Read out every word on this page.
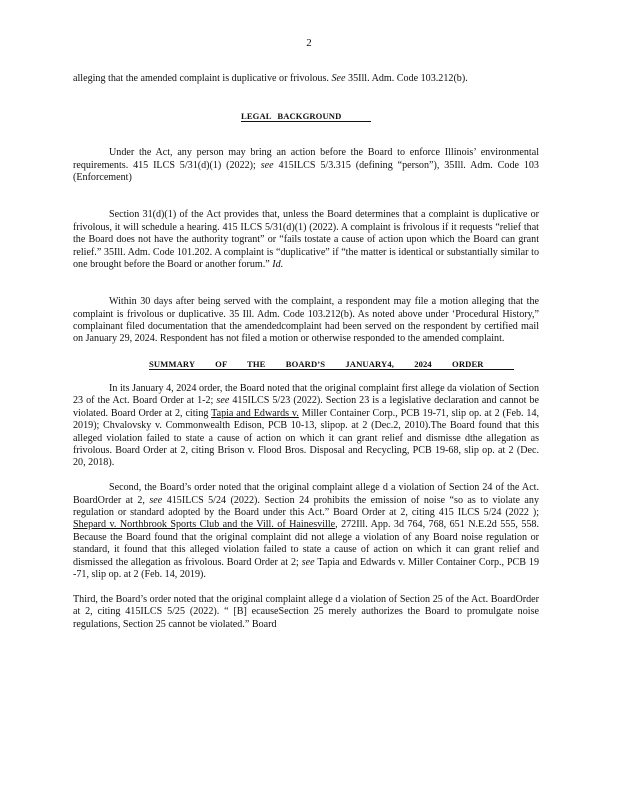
2

alleging that the amended complaint is duplicative or frivolous. See 35Ill. Adm. Code 103.212(b).

LEGAL BACKGROUND

Under the Act, any person may bring an action before the Board to enforce Illinois’ environmental requirements. 415 ILCS 5/31(d)(1) (2022); see 415ILCS 5/3.315 (defining “person”), 35Ill. Adm. Code 103 (Enforcement)

Section 31(d)(1) of the Act provides that, unless the Board determines that a complaint is duplicative or frivolous, it will schedule a hearing. 415 ILCS 5/31(d)(1) (2022). A complaint is frivolous if it requests “relief that the Board does not have the authority togrant” or “fails tostate a cause of action upon which the Board can grant relief.” 35Ill. Adm. Code 101.202. A complaint is “duplicative” if “the matter is identical or substantially similar to one brought before the Board or another forum.” Id.

Within 30 days after being served with the complaint, a respondent may file a motion alleging that the complaint is frivolous or duplicative. 35 Ill. Adm. Code 103.212(b). As noted above under ‘Procedural History,” complainant filed documentation that the amendedcomplaint had been served on the respondent by certified mail on January 29, 2024. Respondent has not filed a motion or otherwise responded to the amended complaint.

SUMMARY OF THE BOARD’S JANUARY4, 2024 ORDER

In its January 4, 2024 order, the Board noted that the original complaint first allege da violation of Section 23 of the Act. Board Order at 1-2; see 415ILCS 5/23 (2022). Section 23 is a legislative declaration and cannot be violated. Board Order at 2, citing Tapia and Edwards v. Miller Container Corp., PCB 19-71, slip op. at 2 (Feb. 14, 2019); Chvalovsky v. Commonwealth Edison, PCB 10-13, slipop. at 2 (Dec.2, 2010).The Board found that this alleged violation failed to state a cause of action on which it can grant relief and dismisse dthe allegation as frivolous. Board Order at 2, citing Brison v. Flood Bros. Disposal and Recycling, PCB 19-68, slip op. at 2 (Dec. 20, 2018).

Second, the Board’s order noted that the original complaint allege d a violation of Section 24 of the Act. BoardOrder at 2, see 415ILCS 5/24 (2022). Section 24 prohibits the emission of noise “so as to violate any regulation or standard adopted by the Board under this Act.” Board Order at 2, citing 415 ILCS 5/24 (2022 ); Shepard v. Northbrook Sports Club and the Vill. of Hainesville, 272Ill. App. 3d 764, 768, 651 N.E.2d 555, 558. Because the Board found that the original complaint did not allege a violation of any Board noise regulation or standard, it found that this alleged violation failed to state a cause of action on which it can grant relief and dismissed the allegation as frivolous. Board Order at 2; see Tapia and Edwards v. Miller Container Corp., PCB 19 -71, slip op. at 2 (Feb. 14, 2019).

Third, the Board’s order noted that the original complaint allege d a violation of Section 25 of the Act. BoardOrder at 2, citing 415ILCS 5/25 (2022). “ [B] ecauseSection 25 merely authorizes the Board to promulgate noise regulations, Section 25 cannot be violated.” Board
